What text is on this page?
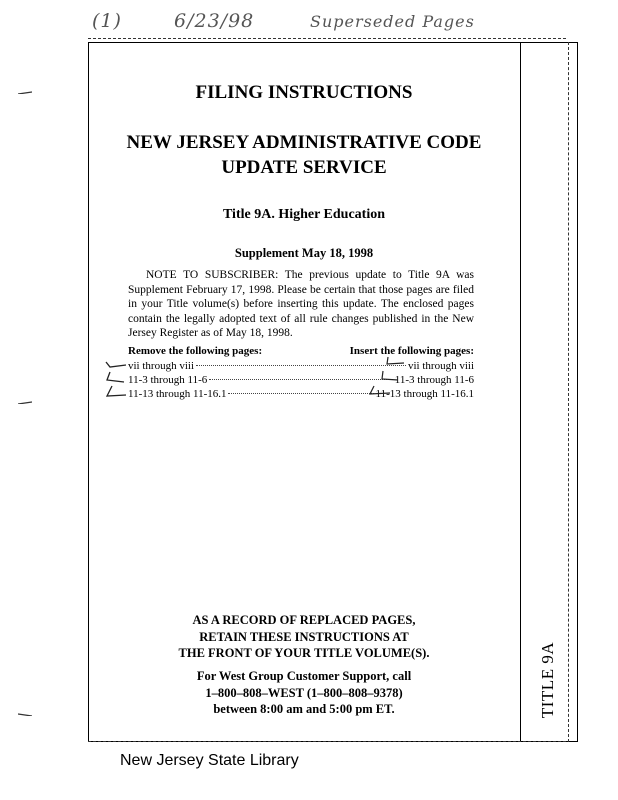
(1)	6/23/98	Superseded Pages
FILING INSTRUCTIONS
NEW JERSEY ADMINISTRATIVE CODE
UPDATE SERVICE
Title 9A. Higher Education
Supplement May 18, 1998
NOTE TO SUBSCRIBER: The previous update to Title 9A was Supplement February 17, 1998. Please be certain that those pages are filed in your Title volume(s) before inserting this update. The enclosed pages contain the legally adopted text of all rule changes published in the New Jersey Register as of May 18, 1998.
Remove the following pages:	Insert the following pages:
vii through viii	vii through viii
11-3 through 11-6	11-3 through 11-6
11-13 through 11-16.1	11-13 through 11-16.1
AS A RECORD OF REPLACED PAGES,
RETAIN THESE INSTRUCTIONS AT
THE FRONT OF YOUR TITLE VOLUME(S).
For West Group Customer Support, call
1–800–808–WEST (1–800–808–9378)
between 8:00 am and 5:00 pm ET.	TITLE 9A
New Jersey State Library
